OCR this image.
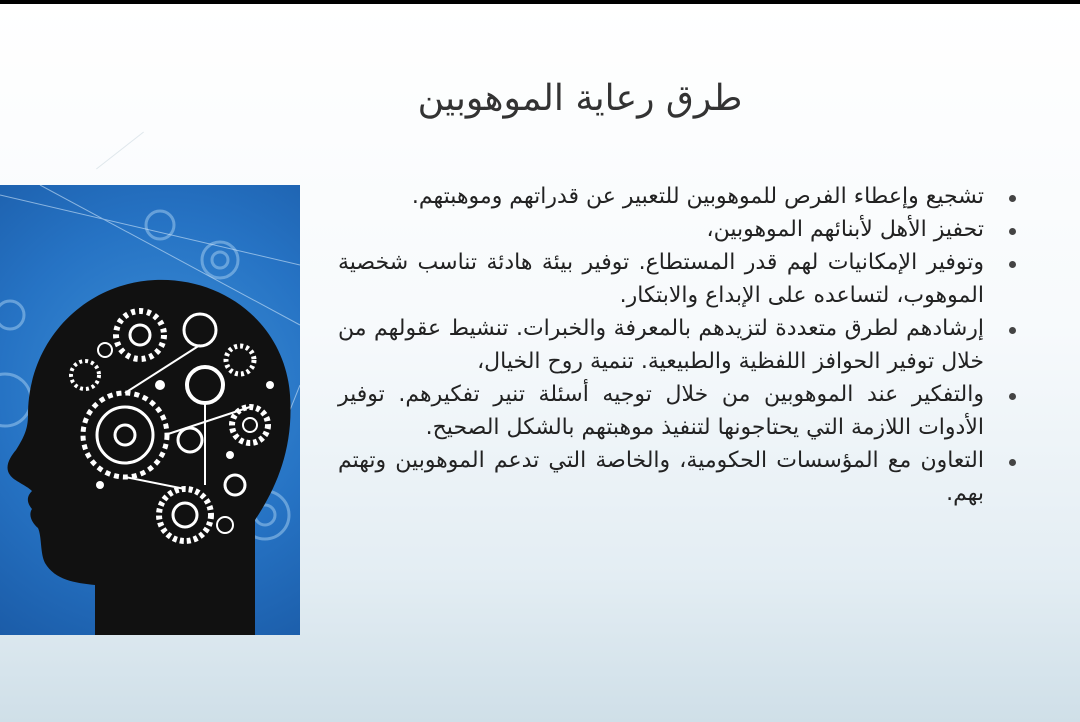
طرق رعاية الموهوبين
تشجيع وإعطاء الفرص للموهوبين للتعبير عن قدراتهم وموهبتهم.
تحفيز الأهل لأبنائهم الموهوبين،
وتوفير الإمكانيات لهم قدر المستطاع. توفير بيئة هادئة تناسب شخصية الموهوب، لتساعده على الإبداع والابتكار.
إرشادهم لطرق متعددة لتزيدهم بالمعرفة والخبرات. تنشيط عقولهم من خلال توفير الحوافز اللفظية والطبيعية. تنمية روح الخيال،
والتفكير عند الموهوبين من خلال توجيه أسئلة تنير تفكيرهم. توفير الأدوات اللازمة التي يحتاجونها لتنفيذ موهبتهم بالشكل الصحيح.
التعاون مع المؤسسات الحكومية، والخاصة التي تدعم الموهوبين وتهتم بهم.
